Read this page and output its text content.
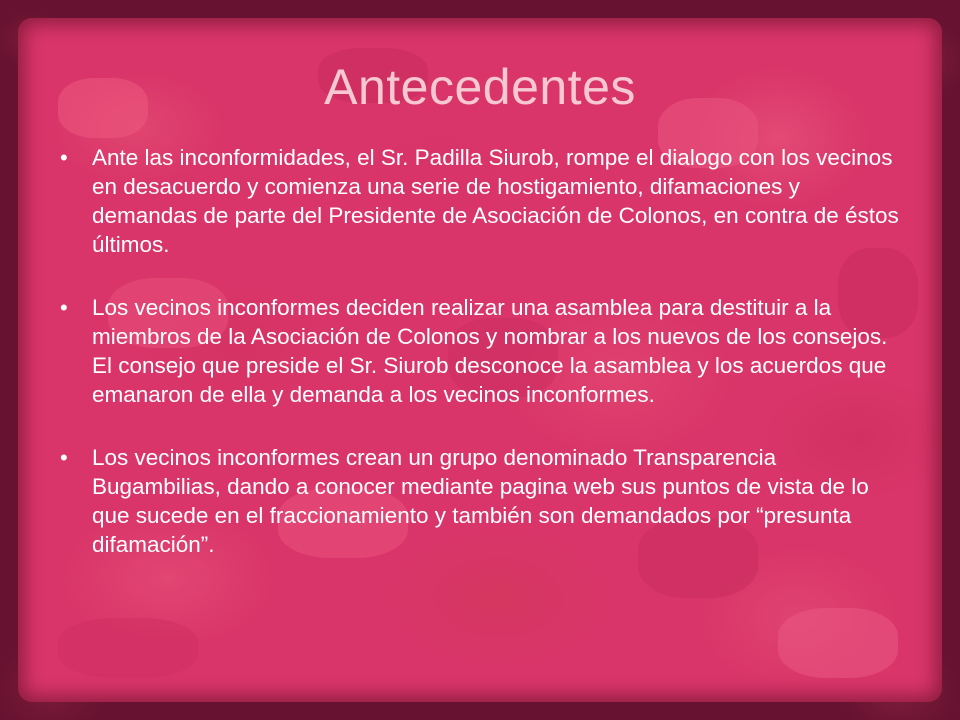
Antecedentes
• Ante las inconformidades, el Sr. Padilla Siurob, rompe el dialogo con los vecinos en desacuerdo y comienza una serie de hostigamiento, difamaciones y demandas de parte del Presidente de Asociación de Colonos, en contra de éstos últimos.
• Los vecinos inconformes deciden realizar una asamblea para destituir a la miembros de la Asociación de Colonos y nombrar a los nuevos de los consejos. El consejo que preside el Sr. Siurob desconoce la asamblea y los acuerdos que emanaron de ella y demanda a los vecinos inconformes.
• Los vecinos inconformes crean un grupo denominado Transparencia Bugambilias, dando a conocer mediante pagina web sus puntos de vista de lo que sucede en el fraccionamiento y también son demandados por “presunta difamación”.
